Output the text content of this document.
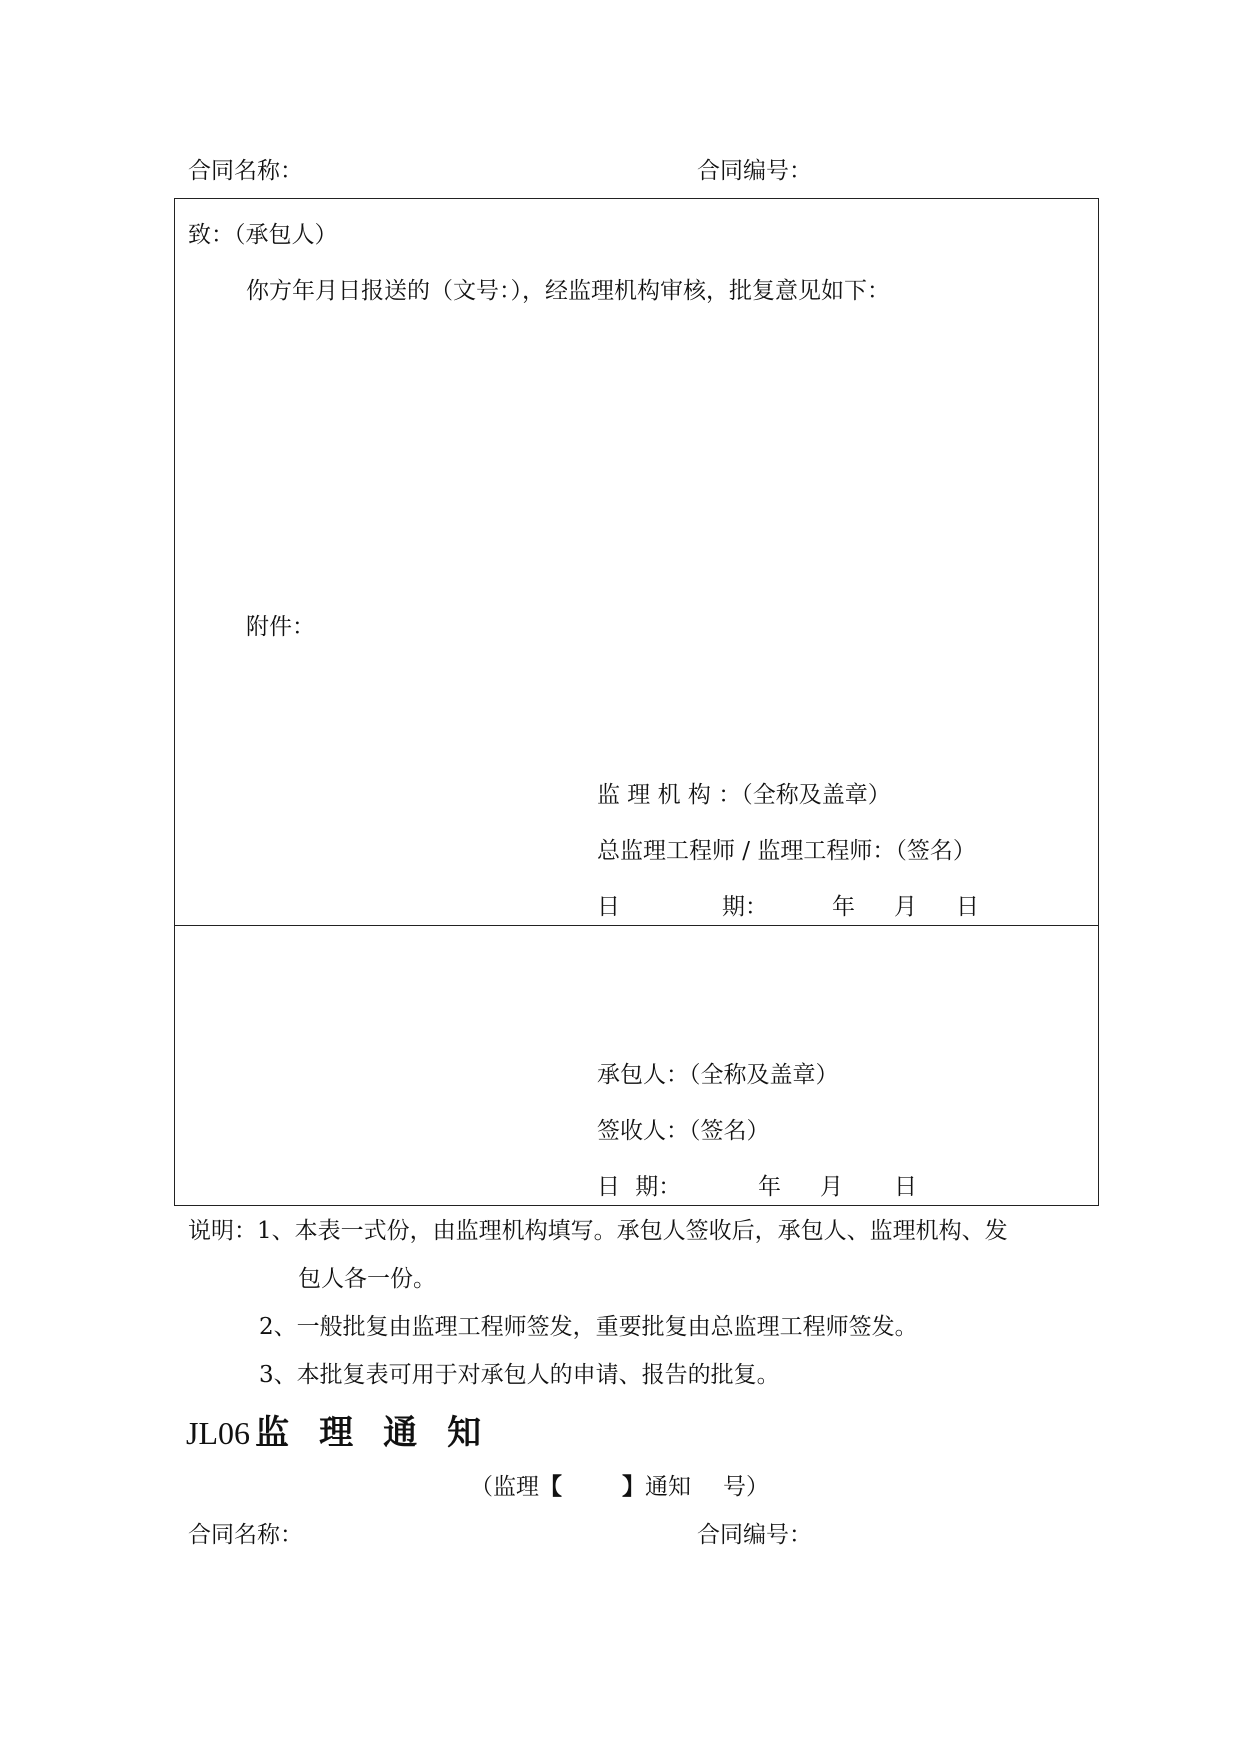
合同名称：	合同编号：
致：（承包人）
你方年月日报送的（文号：），经监理机构审核，批复意见如下：
附件：
监 理 机 构 ：（全称及盖章）
总监理工程师 / 监理工程师：（签名）
日	期：	年 月 日
承包人：（全称及盖章）
签收人：（签名）
日 期：	年 月 日
说明：1、本表一式份，由监理机构填写。承包人签收后，承包人、监理机构、发
包人各一份。
2、一般批复由监理工程师签发，重要批复由总监理工程师签发。
3、本批复表可用于对承包人的申请、报告的批复。
JL06 监理通知
（监理【	】通知 号）
合同名称：	合同编号：
